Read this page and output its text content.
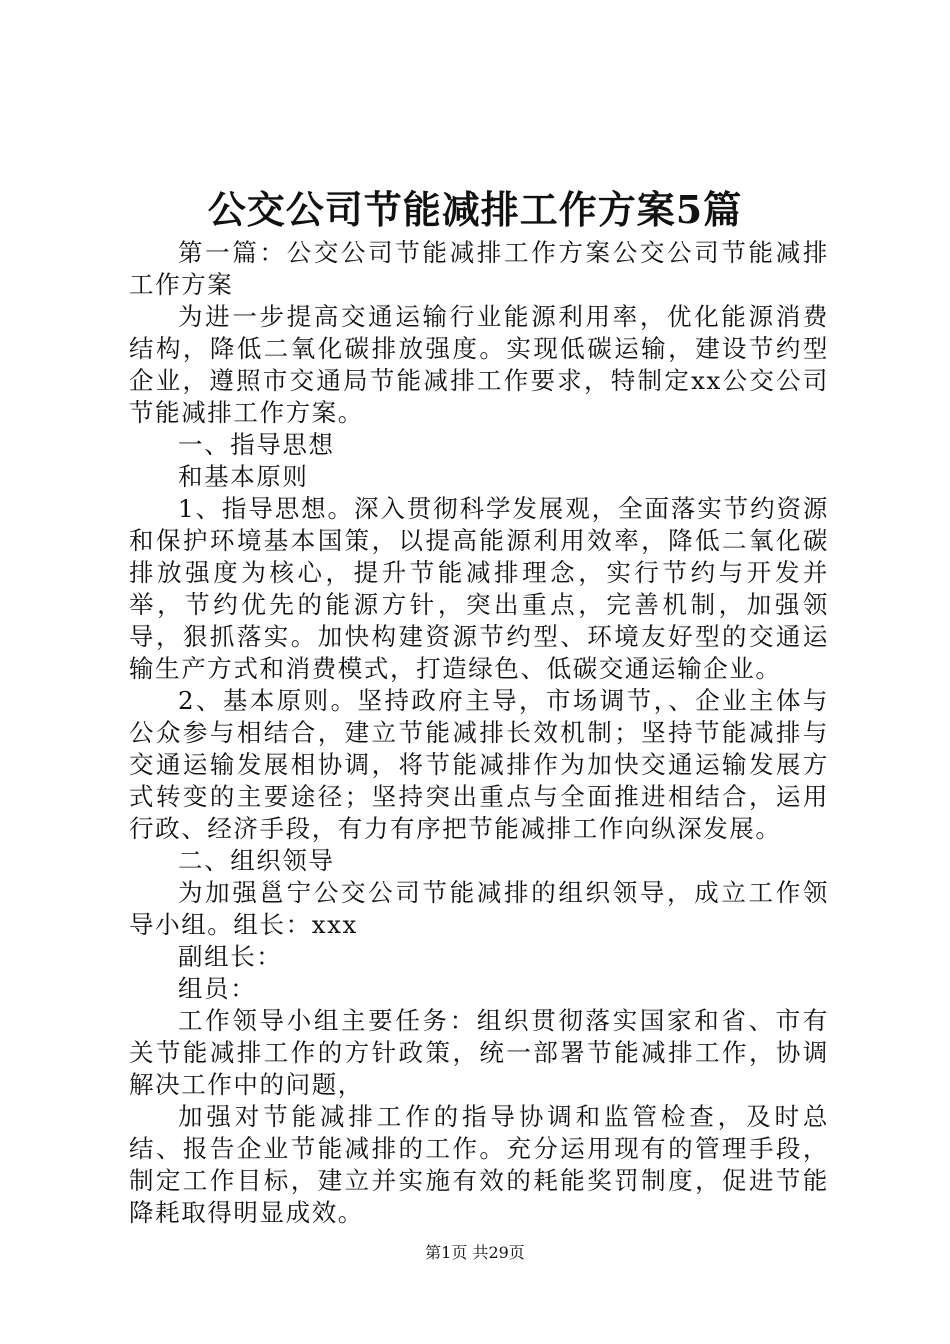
公交公司节能减排工作方案5篇

第一篇：公交公司节能减排工作方案公交公司节能减排工作方案

为进一步提高交通运输行业能源利用率，优化能源消费结构，降低二氧化碳排放强度。实现低碳运输，建设节约型企业，遵照市交通局节能减排工作要求，特制定xx公交公司节能减排工作方案。

一、指导思想

和基本原则

1、指导思想。深入贯彻科学发展观，全面落实节约资源和保护环境基本国策，以提高能源利用效率，降低二氧化碳排放强度为核心，提升节能减排理念，实行节约与开发并举，节约优先的能源方针，突出重点，完善机制，加强领导，狠抓落实。加快构建资源节约型、环境友好型的交通运输生产方式和消费模式，打造绿色、低碳交通运输企业。

2、基本原则。坚持政府主导，市场调节，、企业主体与公众参与相结合，建立节能减排长效机制；坚持节能减排与交通运输发展相协调，将节能减排作为加快交通运输发展方式转变的主要途径；坚持突出重点与全面推进相结合，运用行政、经济手段，有力有序把节能减排工作向纵深发展。

二、组织领导

为加强邕宁公交公司节能减排的组织领导，成立工作领导小组。组长：xxx

副组长：

组员：

工作领导小组主要任务：组织贯彻落实国家和省、市有关节能减排工作的方针政策，统一部署节能减排工作，协调解决工作中的问题，

加强对节能减排工作的指导协调和监管检查，及时总结、报告企业节能减排的工作。充分运用现有的管理手段，制定工作目标，建立并实施有效的耗能奖罚制度，促进节能降耗取得明显成效。

第1页 共29页
